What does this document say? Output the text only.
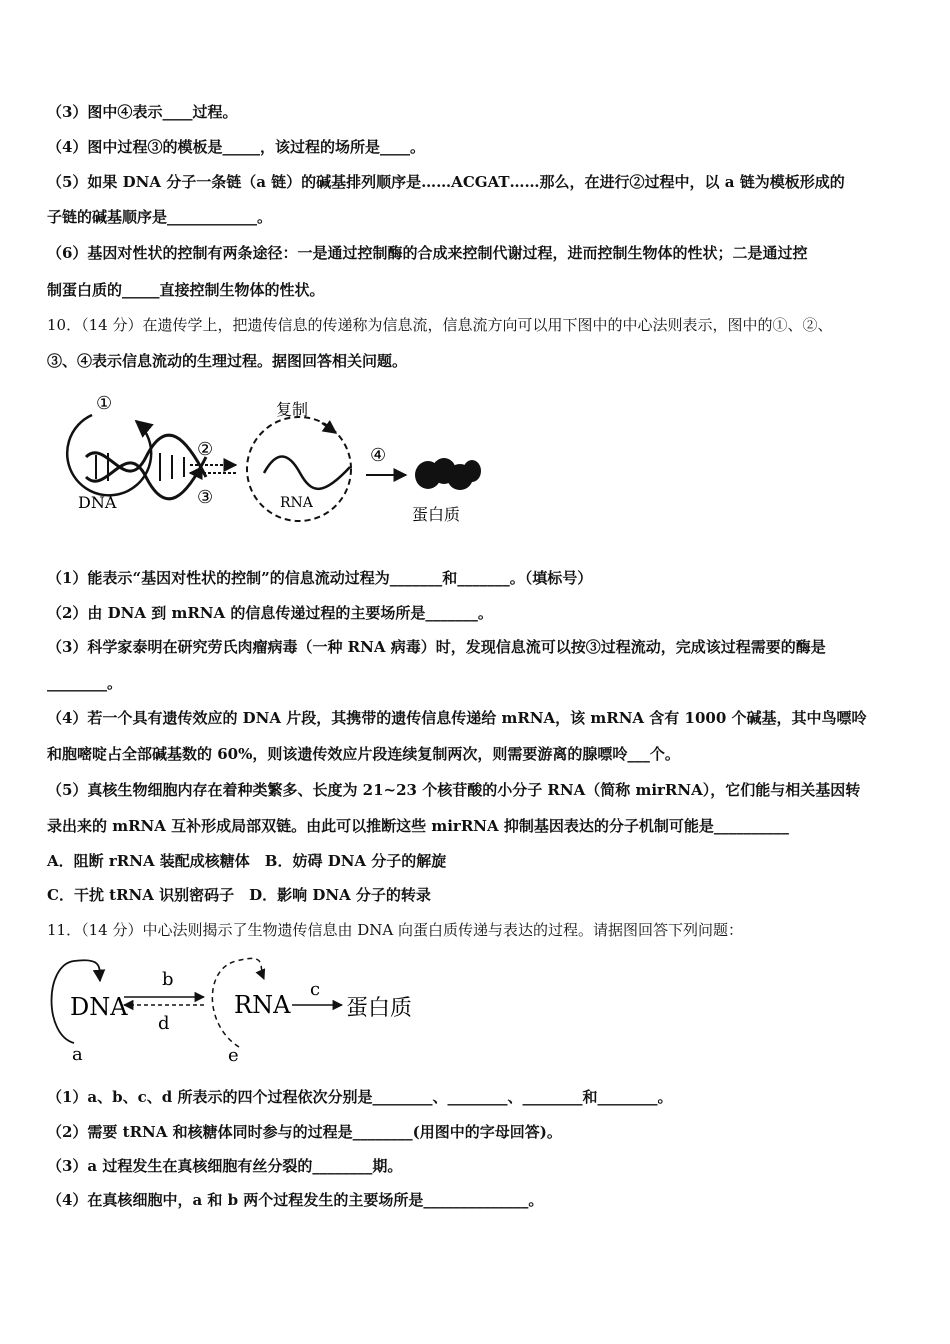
（3）图中④表示____过程。
（4）图中过程③的模板是_____，该过程的场所是____。
（5）如果 DNA 分子一条链（a 链）的碱基排列顺序是……ACGAT……那么，在进行②过程中，以 a 链为模板形成的
子链的碱基顺序是____________。
（6）基因对性状的控制有两条途径：一是通过控制酶的合成来控制代谢过程，进而控制生物体的性状；二是通过控
制蛋白质的_____直接控制生物体的性状。
10．（14 分）在遗传学上，把遗传信息的传递称为信息流，信息流方向可以用下图中的中心法则表示，图中的①、②、
③、④表示信息流动的生理过程。据图回答相关问题。
①
DNA
②
③
复制
RNA
④
蛋白质
（1）能表示“基因对性状的控制”的信息流动过程为_______和_______。（填标号）
（2）由 DNA 到 mRNA 的信息传递过程的主要场所是_______。
（3）科学家泰明在研究劳氏肉瘤病毒（一种 RNA 病毒）时，发现信息流可以按③过程流动，完成该过程需要的酶是
________。
（4）若一个具有遗传效应的 DNA 片段，其携带的遗传信息传递给 mRNA，该 mRNA 含有 1000 个碱基，其中鸟嘌呤
和胞嘧啶占全部碱基数的 60%，则该遗传效应片段连续复制两次，则需要游离的腺嘌呤___个。
（5）真核生物细胞内存在着种类繁多、长度为 21~23 个核苷酸的小分子 RNA（简称 mirRNA），它们能与相关基因转
录出来的 mRNA 互补形成局部双链。由此可以推断这些 mirRNA 抑制基因表达的分子机制可能是__________
A．阻断 rRNA 装配成核糖体　B．妨碍 DNA 分子的解旋
C．干扰 tRNA 识别密码子　D．影响 DNA 分子的转录
11．（14 分）中心法则揭示了生物遗传信息由 DNA 向蛋白质传递与表达的过程。请据图回答下列问题：
DNA
a
b
d
RNA
e
c
蛋白质
（1）a、b、c、d 所表示的四个过程依次分别是________、________、________和________。
（2）需要 tRNA 和核糖体同时参与的过程是________(用图中的字母回答)。
（3）a 过程发生在真核细胞有丝分裂的________期。
（4）在真核细胞中，a 和 b 两个过程发生的主要场所是______________。
